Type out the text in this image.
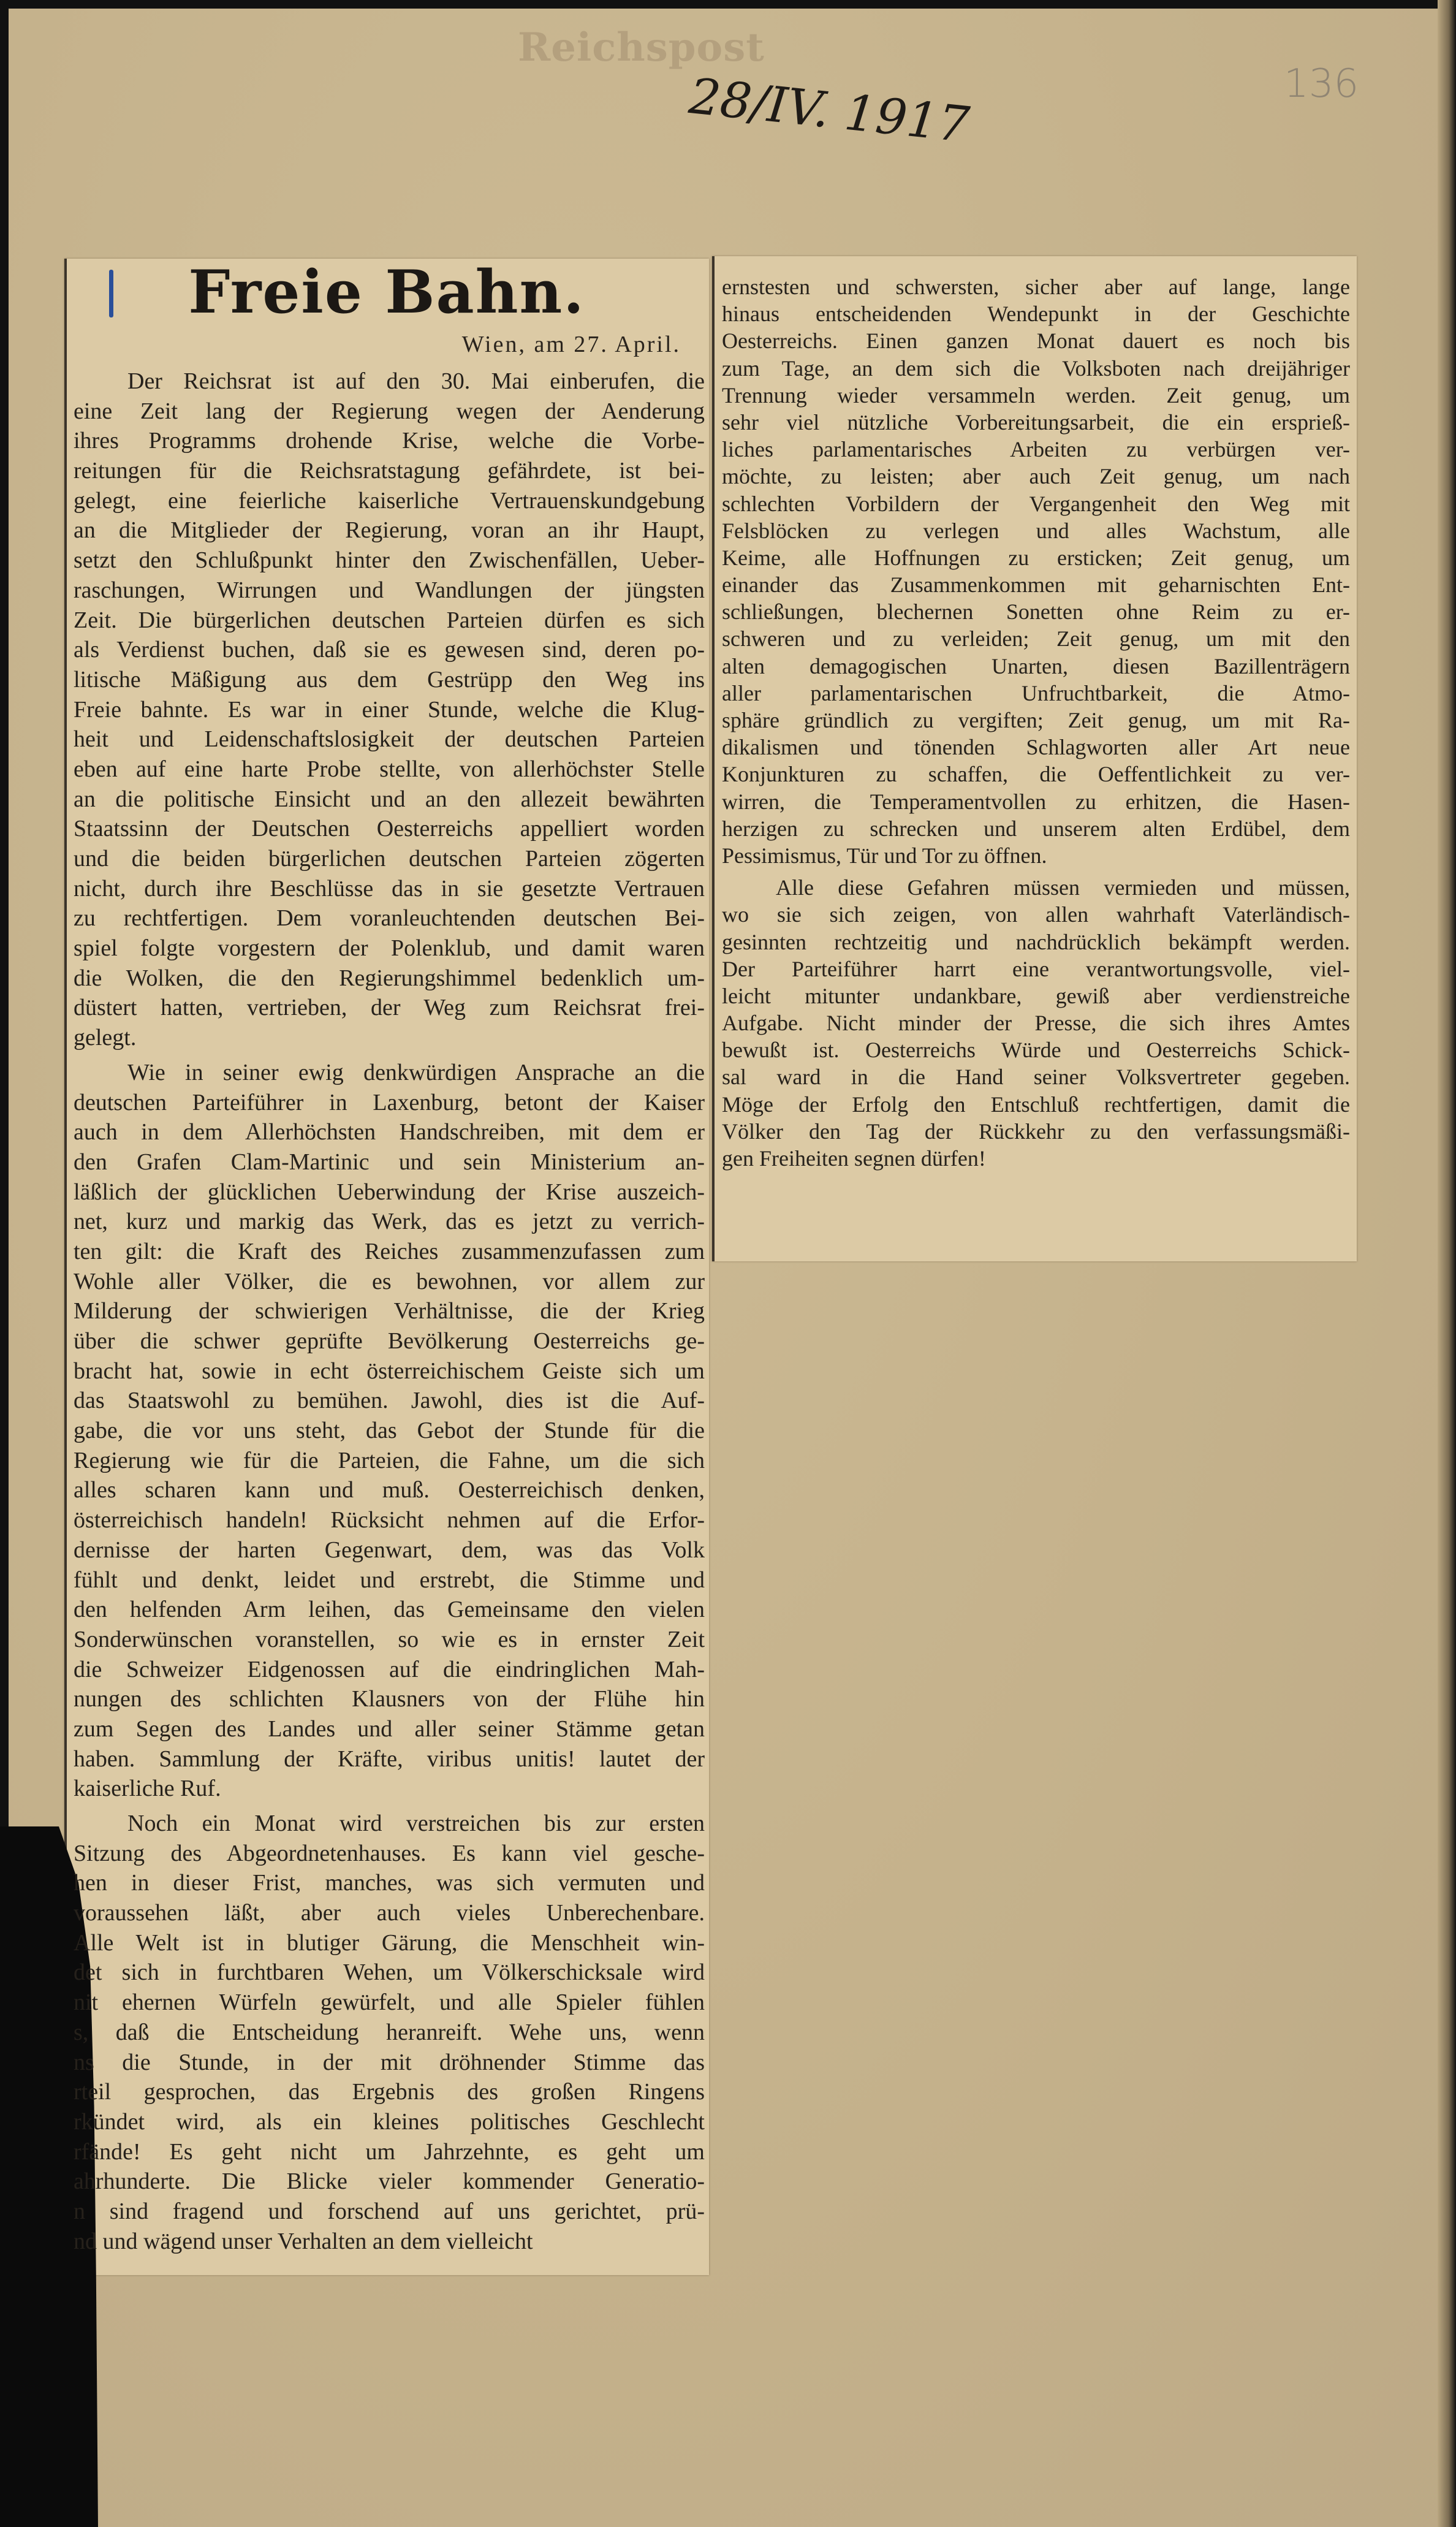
Reichspost
28/IV. 1917	136
Freie Bahn.
Wien, am 27. April.
Der Reichsrat ist auf den 30. Mai einberufen, die
eine Zeit lang der Regierung wegen der Aenderung
ihres Programms drohende Krise, welche die Vorbe-
reitungen für die Reichsratstagung gefährdete, ist bei-
gelegt, eine feierliche kaiserliche Vertrauenskundgebung
an die Mitglieder der Regierung, voran an ihr Haupt,
setzt den Schlußpunkt hinter den Zwischenfällen, Ueber-
raschungen, Wirrungen und Wandlungen der jüngsten
Zeit. Die bürgerlichen deutschen Parteien dürfen es sich
als Verdienst buchen, daß sie es gewesen sind, deren po-
litische Mäßigung aus dem Gestrüpp den Weg ins
Freie bahnte. Es war in einer Stunde, welche die Klug-
heit und Leidenschaftslosigkeit der deutschen Parteien
eben auf eine harte Probe stellte, von allerhöchster Stelle
an die politische Einsicht und an den allezeit bewährten
Staatssinn der Deutschen Oesterreichs appelliert worden
und die beiden bürgerlichen deutschen Parteien zögerten
nicht, durch ihre Beschlüsse das in sie gesetzte Vertrauen
zu rechtfertigen. Dem voranleuchtenden deutschen Bei-
spiel folgte vorgestern der Polenklub, und damit waren
die Wolken, die den Regierungshimmel bedenklich um-
düstert hatten, vertrieben, der Weg zum Reichsrat frei-
gelegt.
Wie in seiner ewig denkwürdigen Ansprache an die
deutschen Parteiführer in Laxenburg, betont der Kaiser
auch in dem Allerhöchsten Handschreiben, mit dem er
den Grafen Clam-Martinic und sein Ministerium an-
läßlich der glücklichen Ueberwindung der Krise auszeich-
net, kurz und markig das Werk, das es jetzt zu verrich-
ten gilt: die Kraft des Reiches zusammenzufassen zum
Wohle aller Völker, die es bewohnen, vor allem zur
Milderung der schwierigen Verhältnisse, die der Krieg
über die schwer geprüfte Bevölkerung Oesterreichs ge-
bracht hat, sowie in echt österreichischem Geiste sich um
das Staatswohl zu bemühen. Jawohl, dies ist die Auf-
gabe, die vor uns steht, das Gebot der Stunde für die
Regierung wie für die Parteien, die Fahne, um die sich
alles scharen kann und muß. Oesterreichisch denken,
österreichisch handeln! Rücksicht nehmen auf die Erfor-
dernisse der harten Gegenwart, dem, was das Volk
fühlt und denkt, leidet und erstrebt, die Stimme und
den helfenden Arm leihen, das Gemeinsame den vielen
Sonderwünschen voranstellen, so wie es in ernster Zeit
die Schweizer Eidgenossen auf die eindringlichen Mah-
nungen des schlichten Klausners von der Flühe hin
zum Segen des Landes und aller seiner Stämme getan
haben. Sammlung der Kräfte, viribus unitis! lautet der
kaiserliche Ruf.
Noch ein Monat wird verstreichen bis zur ersten
Sitzung des Abgeordnetenhauses. Es kann viel gesche-
hen in dieser Frist, manches, was sich vermuten und
voraussehen läßt, aber auch vieles Unberechenbare.
Alle Welt ist in blutiger Gärung, die Menschheit win-
det sich in furchtbaren Wehen, um Völkerschicksale wird
nit ehernen Würfeln gewürfelt, und alle Spieler fühlen
s, daß die Entscheidung heranreift. Wehe uns, wenn
ns die Stunde, in der mit dröhnender Stimme das
rteil gesprochen, das Ergebnis des großen Ringens
rkündet wird, als ein kleines politisches Geschlecht
rfände! Es geht nicht um Jahrzehnte, es geht um
ahrhunderte. Die Blicke vieler kommender Generatio-
n sind fragend und forschend auf uns gerichtet, prü-
nd und wägend unser Verhalten an dem vielleicht
ernstesten und schwersten, sicher aber auf lange, lange
hinaus entscheidenden Wendepunkt in der Geschichte
Oesterreichs. Einen ganzen Monat dauert es noch bis
zum Tage, an dem sich die Volksboten nach dreijähriger
Trennung wieder versammeln werden. Zeit genug, um
sehr viel nützliche Vorbereitungsarbeit, die ein ersprieß-
liches parlamentarisches Arbeiten zu verbürgen ver-
möchte, zu leisten; aber auch Zeit genug, um nach
schlechten Vorbildern der Vergangenheit den Weg mit
Felsblöcken zu verlegen und alles Wachstum, alle
Keime, alle Hoffnungen zu ersticken; Zeit genug, um
einander das Zusammenkommen mit geharnischten Ent-
schließungen, blechernen Sonetten ohne Reim zu er-
schweren und zu verleiden; Zeit genug, um mit den
alten demagogischen Unarten, diesen Bazillenträgern
aller parlamentarischen Unfruchtbarkeit, die Atmo-
sphäre gründlich zu vergiften; Zeit genug, um mit Ra-
dikalismen und tönenden Schlagworten aller Art neue
Konjunkturen zu schaffen, die Oeffentlichkeit zu ver-
wirren, die Temperamentvollen zu erhitzen, die Hasen-
herzigen zu schrecken und unserem alten Erdübel, dem
Pessimismus, Tür und Tor zu öffnen.
Alle diese Gefahren müssen vermieden und müssen,
wo sie sich zeigen, von allen wahrhaft Vaterländisch-
gesinnten rechtzeitig und nachdrücklich bekämpft werden.
Der Parteiführer harrt eine verantwortungsvolle, viel-
leicht mitunter undankbare, gewiß aber verdienstreiche
Aufgabe. Nicht minder der Presse, die sich ihres Amtes
bewußt ist. Oesterreichs Würde und Oesterreichs Schick-
sal ward in die Hand seiner Volksvertreter gegeben.
Möge der Erfolg den Entschluß rechtfertigen, damit die
Völker den Tag der Rückkehr zu den verfassungsmäßi-
gen Freiheiten segnen dürfen!
